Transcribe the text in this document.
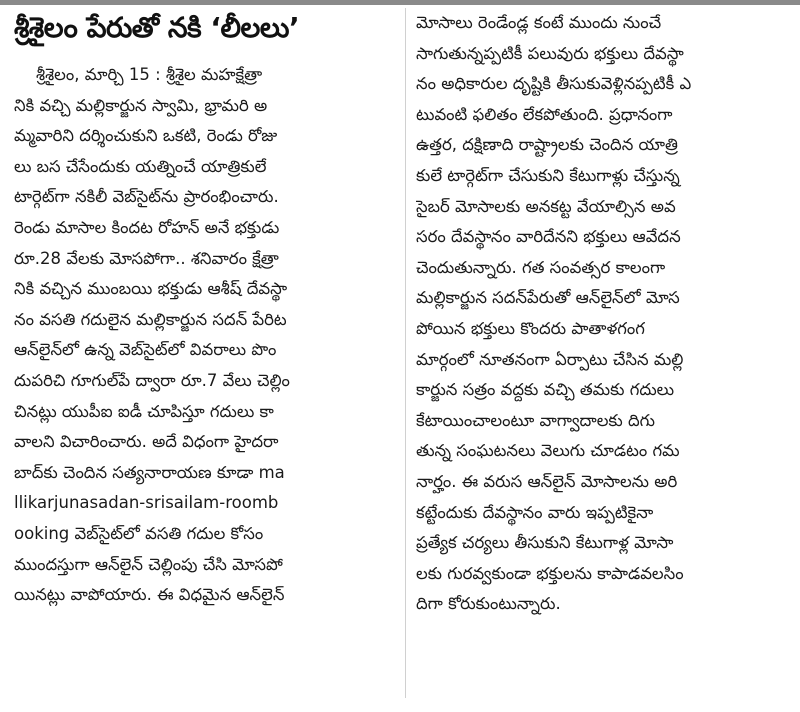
శ్రీశైలం పేరుతో నకి ‘లీలలు’
శ్రీశైలం, మార్చి 15 : శ్రీశైల మహక్షేత్రా
నికి వచ్చి మల్లికార్జున స్వామి, భ్రామరి అ
మ్మవారిని దర్శించుకుని ఒకటి, రెండు రోజు
లు బస చేసేందుకు యత్నించే యాత్రికులే
టార్గెట్‌గా నకిలీ వెబ్‌సైట్‌ను ప్రారంభించారు.
రెండు మాసాల కిందట రోహన్ అనే భక్తుడు
రూ.28 వేలకు మోసపోగా.. శనివారం క్షేత్రా
నికి వచ్చిన ముంబయి భక్తుడు ఆశీష్ దేవస్థా
నం వసతి గదులైన మల్లికార్జున సదన్ పేరిట
ఆన్‌లైన్‌లో ఉన్న వెబ్‌సైట్‌లో వివరాలు పొం
దుపరిచి గూగుల్‌పే ద్వారా రూ.7 వేలు చెల్లిం
చినట్లు యుపీఐ ఐడీ చూపిస్తూ గదులు కా
వాలని విచారించారు. అదే విధంగా హైదరా
బాద్‌కు చెందిన సత్యనారాయణ కూడా ma
llikarjunasadan-srisailam-roomb
ooking వెబ్‌సైట్‌లో వసతి గదుల కోసం
ముందస్తుగా ఆన్‌లైన్ చెల్లింపు చేసి మోసపో
యినట్లు వాపోయారు. ఈ విధమైన ఆన్‌లైన్
మోసాలు రెండేండ్ల కంటే ముందు నుంచే
సాగుతున్నప్పటికీ పలువురు భక్తులు దేవస్థా
నం అధికారుల దృష్టికి తీసుకువెళ్లినప్పటికీ ఎ
టువంటి ఫలితం లేకపోతుంది. ప్రధానంగా
ఉత్తర, దక్షిణాది రాష్ట్రాలకు చెందిన యాత్రి
కులే టార్గెట్‌గా చేసుకుని కేటుగాళ్లు చేస్తున్న
సైబర్ మోసాలకు అనకట్ట వేయాల్సిన అవ
సరం దేవస్థానం వారిదేనని భక్తులు ఆవేదన
చెందుతున్నారు. గత సంవత్సర కాలంగా
మల్లికార్జున సదన్‌పేరుతో ఆన్‌లైన్‌లో మోస
పోయిన భక్తులు కొందరు పాతాళగంగ
మార్గంలో నూతనంగా ఏర్పాటు చేసిన మల్లి
కార్జున సత్రం వద్దకు వచ్చి తమకు గదులు
కేటాయించాలంటూ వాగ్వాదాలకు దిగు
తున్న సంఘటనలు వెలుగు చూడటం గమ
నార్హం. ఈ వరుస ఆన్‌లైన్ మోసాలను అరి
కట్టేందుకు దేవస్థానం వారు ఇప్పటికైనా
ప్రత్యేక చర్యలు తీసుకుని కేటుగాళ్ల మోసా
లకు గురవ్వకుండా భక్తులను కాపాడవలసిం
దిగా కోరుకుంటున్నారు.
